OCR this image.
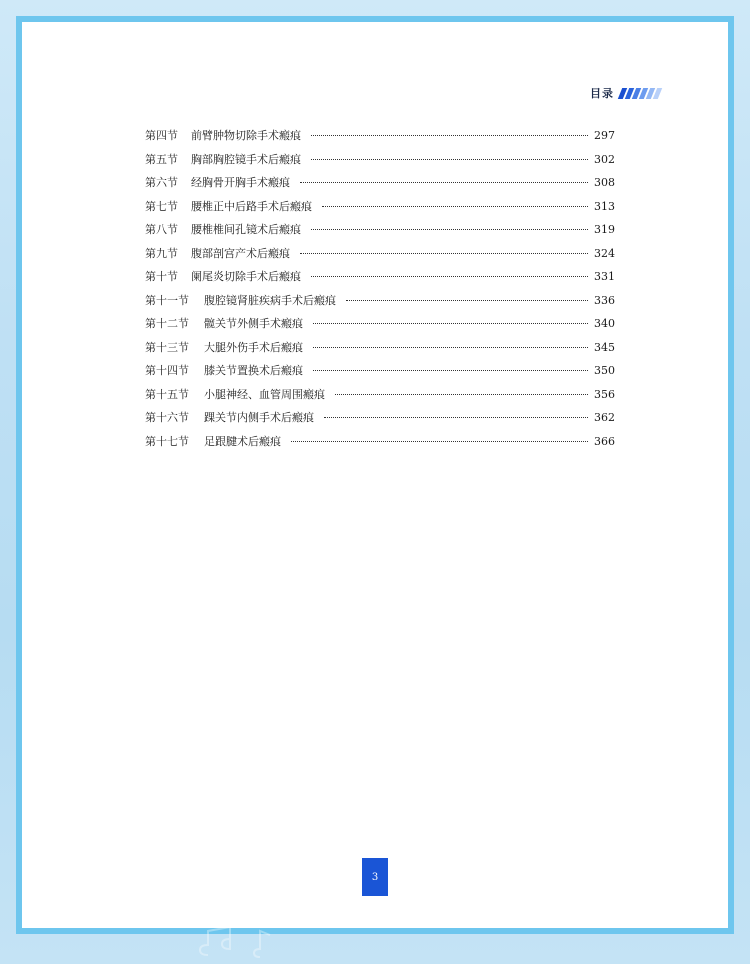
目录
第四节	前臂肿物切除手术瘢痕	297
第五节	胸部胸腔镜手术后瘢痕	302
第六节	经胸骨开胸手术瘢痕	308
第七节	腰椎正中后路手术后瘢痕	313
第八节	腰椎椎间孔镜术后瘢痕	319
第九节	腹部剖宫产术后瘢痕	324
第十节	阑尾炎切除手术后瘢痕	331
第十一节	腹腔镜肾脏疾病手术后瘢痕	336
第十二节	髋关节外侧手术瘢痕	340
第十三节	大腿外伤手术后瘢痕	345
第十四节	膝关节置换术后瘢痕	350
第十五节	小腿神经、血管周围瘢痕	356
第十六节	踝关节内侧手术后瘢痕	362
第十七节	足跟腱术后瘢痕	366
3
